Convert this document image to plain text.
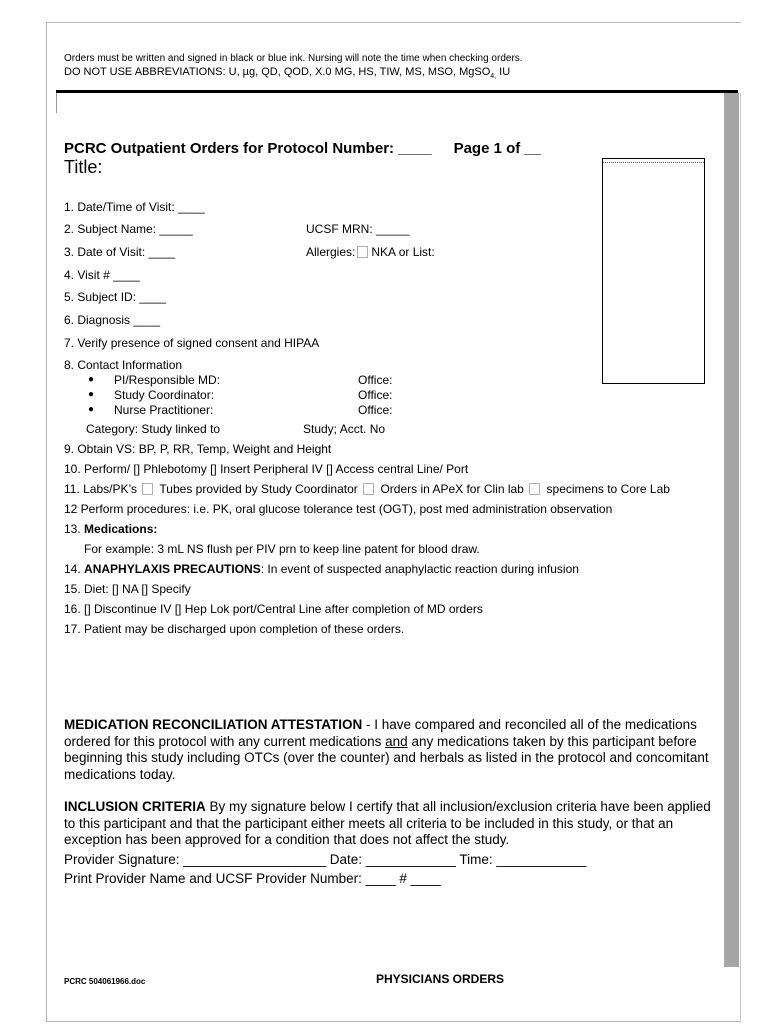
Orders must be written and signed in black or blue ink. Nursing will note the time when checking orders.
DO NOT USE ABBREVIATIONS: U, µg, QD, QOD, X.0 MG, HS, TIW, MS, MSO, MgSO$_{4,}$ IU
PCRC Outpatient Orders for Protocol Number: ____ Page 1 of __
Title:
1. Date/Time of Visit: ____
2. Subject Name: _____	UCSF MRN: _____
3. Date of Visit: ____	Allergies: NKA or List:
4. Visit # ____
5. Subject ID: ____
6. Diagnosis ____
7. Verify presence of signed consent and HIPAA
8. Contact Information
● PI/Responsible MD:	Office:
● Study Coordinator:	Office:
● Nurse Practitioner:	Office:
Category: Study linked to	Study; Acct. No
9. Obtain VS: BP, P, RR, Temp, Weight and Height
10. Perform/ [] Phlebotomy [] Insert Peripheral IV [] Access central Line/ Port
11. Labs/PK’s Tubes provided by Study Coordinator Orders in APeX for Clin lab specimens to Core Lab
12 Perform procedures: i.e. PK, oral glucose tolerance test (OGT), post med administration observation
13. Medications:
For example: 3 mL NS flush per PIV prn to keep line patent for blood draw.
14. ANAPHYLAXIS PRECAUTIONS: In event of suspected anaphylactic reaction during infusion
15. Diet: [] NA [] Specify
16. [] Discontinue IV [] Hep Lok port/Central Line after completion of MD orders
17. Patient may be discharged upon completion of these orders.
MEDICATION RECONCILIATION ATTESTATION - I have compared and reconciled all of the medications ordered for this protocol with any current medications and any medications taken by this participant before beginning this study including OTCs (over the counter) and herbals as listed in the protocol and concomitant medications today.
INCLUSION CRITERIA By my signature below I certify that all inclusion/exclusion criteria have been applied to this participant and that the participant either meets all criteria to be included in this study, or that an exception has been approved for a condition that does not affect the study.
Provider Signature: ___________________ Date: ____________ Time: ____________
Print Provider Name and UCSF Provider Number: ____ # ____
PCRC 504061966.doc	PHYSICIANS ORDERS
